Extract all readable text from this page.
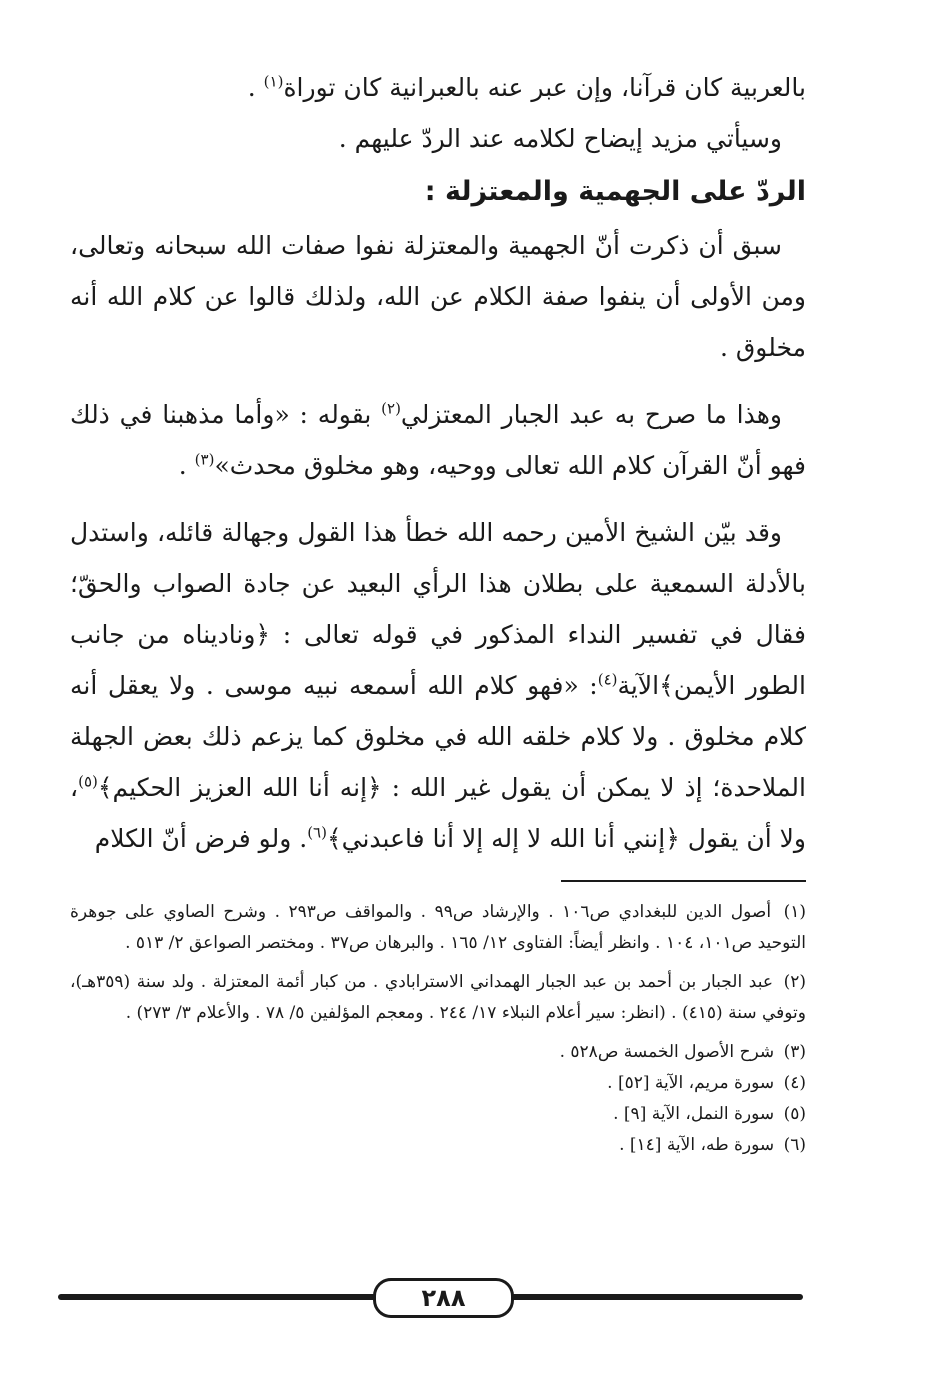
بالعربية كان قرآنا، وإن عبر عنه بالعبرانية كان توراة$^{(١)}$ .

وسيأتي مزيد إيضاح لكلامه عند الردّ عليهم .

الردّ على الجهمية والمعتزلة :

سبق أن ذكرت أنّ الجهمية والمعتزلة نفوا صفات الله سبحانه وتعالى، ومن الأولى أن ينفوا صفة الكلام عن الله، ولذلك قالوا عن كلام الله أنه مخلوق .

وهذا ما صرح به عبد الجبار المعتزلي$^{(٢)}$ بقوله : «وأما مذهبنا في ذلك فهو أنّ القرآن كلام الله تعالى ووحيه، وهو مخلوق محدث»$^{(٣)}$ .

وقد بيّن الشيخ الأمين رحمه الله خطأ هذا القول وجهالة قائله، واستدل بالأدلة السمعية على بطلان هذا الرأي البعيد عن جادة الصواب والحقّ؛ فقال في تفسير النداء المذكور في قوله تعالى : ﴿وناديناه من جانب الطور الأيمن﴾الآية$^{(٤)}$: «فهو كلام الله أسمعه نبيه موسى . ولا يعقل أنه كلام مخلوق . ولا كلام خلقه الله في مخلوق كما يزعم ذلك بعض الجهلة الملاحدة؛ إذ لا يمكن أن يقول غير الله : ﴿إنه أنا الله العزيز الحكيم﴾$^{(٥)}$، ولا أن يقول ﴿إنني أنا الله لا إله إلا أنا فاعبدني﴾$^{(٦)}$. ولو فرض أنّ الكلام

(١) أصول الدين للبغدادي ص١٠٦ . والإرشاد ص٩٩ . والمواقف ص٢٩٣ . وشرح الصاوي على جوهرة التوحيد ص١٠١، ١٠٤ . وانظر أيضاً: الفتاوى ١٢/ ١٦٥ . والبرهان ص٣٧ . ومختصر الصواعق ٢/ ٥١٣ .

(٢) عبد الجبار بن أحمد بن عبد الجبار الهمداني الاسترابادي . من كبار أئمة المعتزلة . ولد سنة (٣٥٩هـ)، وتوفي سنة (٤١٥) . (انظر: سير أعلام النبلاء ١٧/ ٢٤٤ . ومعجم المؤلفين ٥/ ٧٨ . والأعلام ٣/ ٢٧٣) .

(٣) شرح الأصول الخمسة ص٥٢٨ .

(٤) سورة مريم، الآية [٥٢] .

(٥) سورة النمل، الآية [٩] .

(٦) سورة طه، الآية [١٤] .

٢٨٨
